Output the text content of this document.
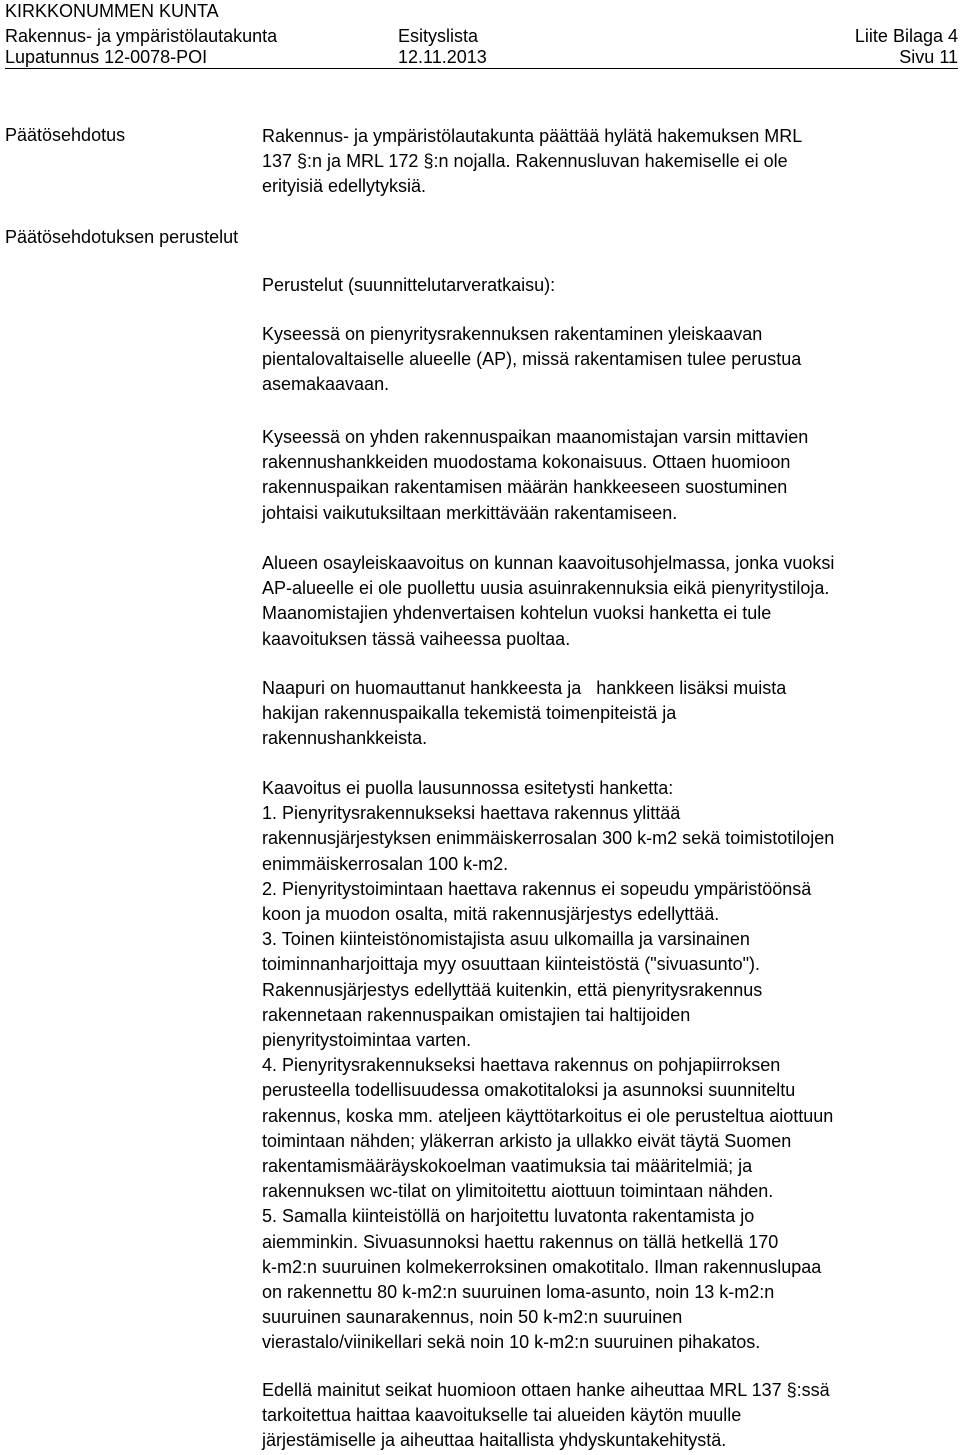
KIRKKONUMMEN KUNTA
Rakennus- ja ympäristölautakunta	Esityslista	Liite Bilaga 4
Lupatunnus 12-0078-POI	12.11.2013	Sivu 11
Päätösehdotus
Päätösehdotuksen perustelut
Rakennus- ja ympäristölautakunta päättää hylätä hakemuksen MRL
137 §:n ja MRL 172 §:n nojalla. Rakennusluvan hakemiselle ei ole
erityisiä edellytyksiä.
Perustelut (suunnittelutarveratkaisu):
Kyseessä on pienyritysrakennuksen rakentaminen yleiskaavan
pientalovaltaiselle alueelle (AP), missä rakentamisen tulee perustua
asemakaavaan.
Kyseessä on yhden rakennuspaikan maanomistajan varsin mittavien
rakennushankkeiden muodostama kokonaisuus. Ottaen huomioon
rakennuspaikan rakentamisen määrän hankkeeseen suostuminen
johtaisi vaikutuksiltaan merkittävään rakentamiseen.
Alueen osayleiskaavoitus on kunnan kaavoitusohjelmassa, jonka vuoksi
AP-alueelle ei ole puollettu uusia asuinrakennuksia eikä pienyritystiloja.
Maanomistajien yhdenvertaisen kohtelun vuoksi hanketta ei tule
kaavoituksen tässä vaiheessa puoltaa.
Naapuri on huomauttanut hankkeesta ja   hankkeen lisäksi muista
hakijan rakennuspaikalla tekemistä toimenpiteistä ja
rakennushankkeista.
Kaavoitus ei puolla lausunnossa esitetysti hanketta:
1. Pienyritysrakennukseksi haettava rakennus ylittää
rakennusjärjestyksen enimmäiskerrosalan 300 k-m2 sekä toimistotilojen
enimmäiskerrosalan 100 k-m2.
2. Pienyritystoimintaan haettava rakennus ei sopeudu ympäristöönsä
koon ja muodon osalta, mitä rakennusjärjestys edellyttää.
3. Toinen kiinteistönomistajista asuu ulkomailla ja varsinainen
toiminnanharjoittaja myy osuuttaan kiinteistöstä ("sivuasunto").
Rakennusjärjestys edellyttää kuitenkin, että pienyritysrakennus
rakennetaan rakennuspaikan omistajien tai haltijoiden
pienyritystoimintaa varten.
4. Pienyritysrakennukseksi haettava rakennus on pohjapiirroksen
perusteella todellisuudessa omakotitaloksi ja asunnoksi suunniteltu
rakennus, koska mm. ateljeen käyttötarkoitus ei ole perusteltua aiottuun
toimintaan nähden; yläkerran arkisto ja ullakko eivät täytä Suomen
rakentamismääräyskokoelman vaatimuksia tai määritelmiä; ja
rakennuksen wc-tilat on ylimitoitettu aiottuun toimintaan nähden.
5. Samalla kiinteistöllä on harjoitettu luvatonta rakentamista jo
aiemminkin. Sivuasunnoksi haettu rakennus on tällä hetkellä 170
k-m2:n suuruinen kolmekerroksinen omakotitalo. Ilman rakennuslupaa
on rakennettu 80 k-m2:n suuruinen loma-asunto, noin 13 k-m2:n
suuruinen saunarakennus, noin 50 k-m2:n suuruinen
vierastalo/viinikellari sekä noin 10 k-m2:n suuruinen pihakatos.
Edellä mainitut seikat huomioon ottaen hanke aiheuttaa MRL 137 §:ssä
tarkoitettua haittaa kaavoitukselle tai alueiden käytön muulle
järjestämiselle ja aiheuttaa haitallista yhdyskuntakehitystä.
